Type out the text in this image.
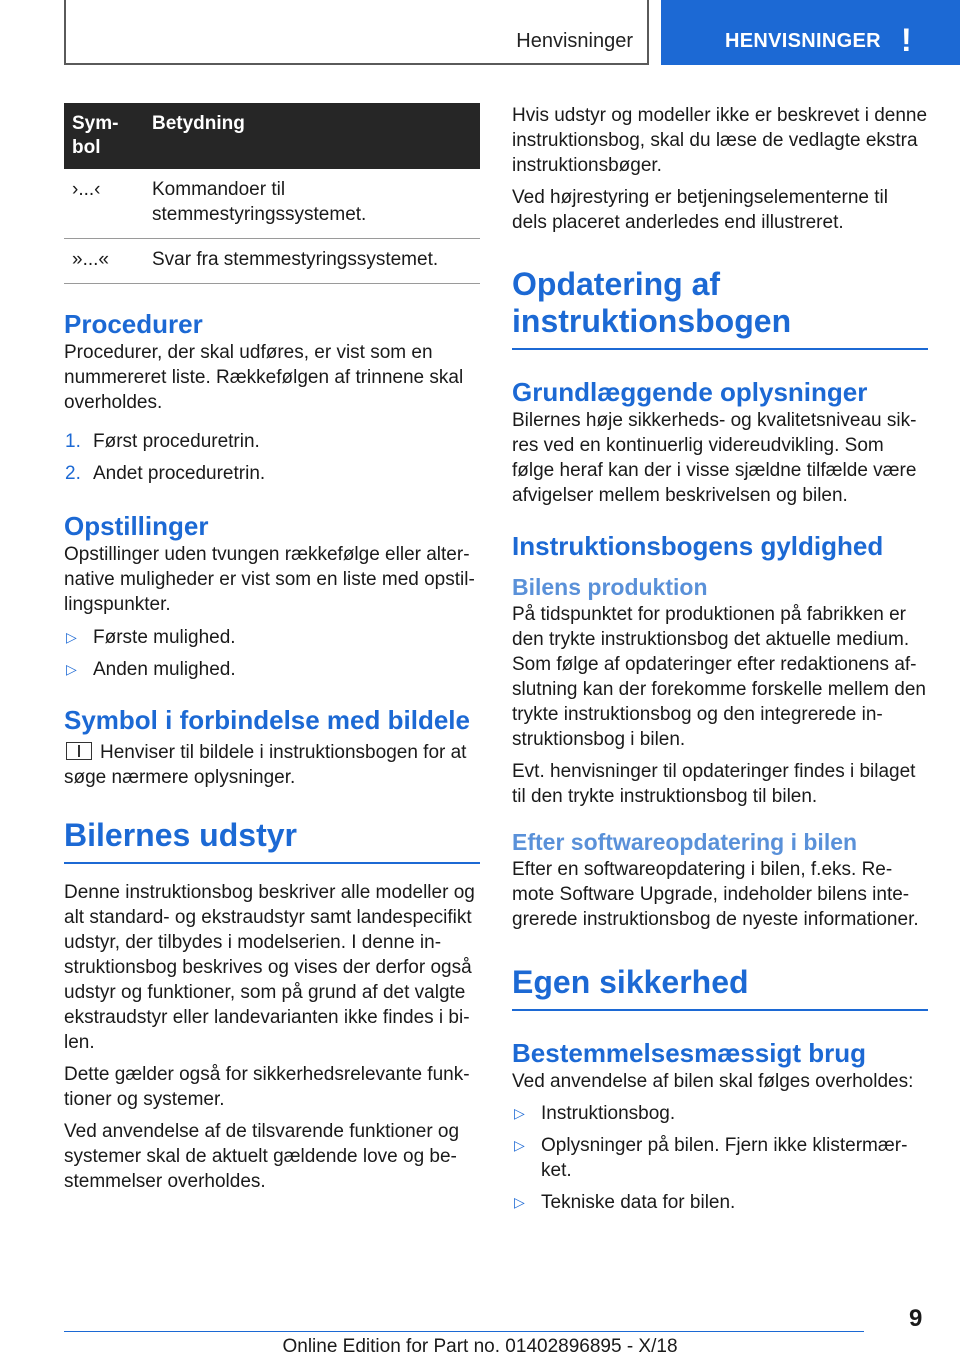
Henvisninger	HENVISNINGER !
Sym-
bol	Betydning
›...‹	Kommandoer til stemmestyringssystemet.
»...«	Svar fra stemmestyringssystemet.
Procedurer

Procedurer, der skal udføres, er vist som en nummereret liste. Rækkefølgen af trinnene skal overholdes.

1. Først proceduretrin.
2. Andet proceduretrin.
Opstillinger

Opstillinger uden tvungen rækkefølge eller alter-native muligheder er vist som en liste med opstil-lingspunkter.

▷ Første mulighed.
▷ Anden mulighed.
Symbol i forbindelse med bildele

Henviser til bildele i instruktionsbogen for at søge nærmere oplysninger.

Bilernes udstyr

Denne instruktionsbog beskriver alle modeller og alt standard- og ekstraudstyr samt landespecifikt udstyr, der tilbydes i modelserien. I denne in-struktionsbog beskrives og vises der derfor også udstyr og funktioner, som på grund af det valgte ekstraudstyr eller landevarianten ikke findes i bi-len.

Dette gælder også for sikkerhedsrelevante funk-tioner og systemer.

Ved anvendelse af de tilsvarende funktioner og systemer skal de aktuelt gældende love og be-stemmelser overholdes.

Hvis udstyr og modeller ikke er beskrevet i denne instruktionsbog, skal du læse de vedlagte ekstra instruktionsbøger.

Ved højrestyring er betjeningselementerne til dels placeret anderledes end illustreret.

Opdatering af instruktionsbogen
Grundlæggende oplysninger

Bilernes høje sikkerheds- og kvalitetsniveau sik-res ved en kontinuerlig videreudvikling. Som følge heraf kan der i visse sjældne tilfælde være afvigelser mellem beskrivelsen og bilen.

Instruktionsbogens gyldighed
Bilens produktion

På tidspunktet for produktionen på fabrikken er den trykte instruktionsbog det aktuelle medium. Som følge af opdateringer efter redaktionens af-slutning kan der forekomme forskelle mellem den trykte instruktionsbog og den integrerede in-struktionsbog i bilen.

Evt. henvisninger til opdateringer findes i bilaget til den trykte instruktionsbog til bilen.

Efter softwareopdatering i bilen

Efter en softwareopdatering i bilen, f.eks. Re-mote Software Upgrade, indeholder bilens inte-grerede instruktionsbog de nyeste informationer.

Egen sikkerhed
Bestemmelsesmæssigt brug

Ved anvendelse af bilen skal følges overholdes:

▷ Instruktionsbog.
▷ Oplysninger på bilen. Fjern ikke klistermær-ket.
▷ Tekniske data for bilen.
9
Online Edition for Part no. 01402896895 - X/18
